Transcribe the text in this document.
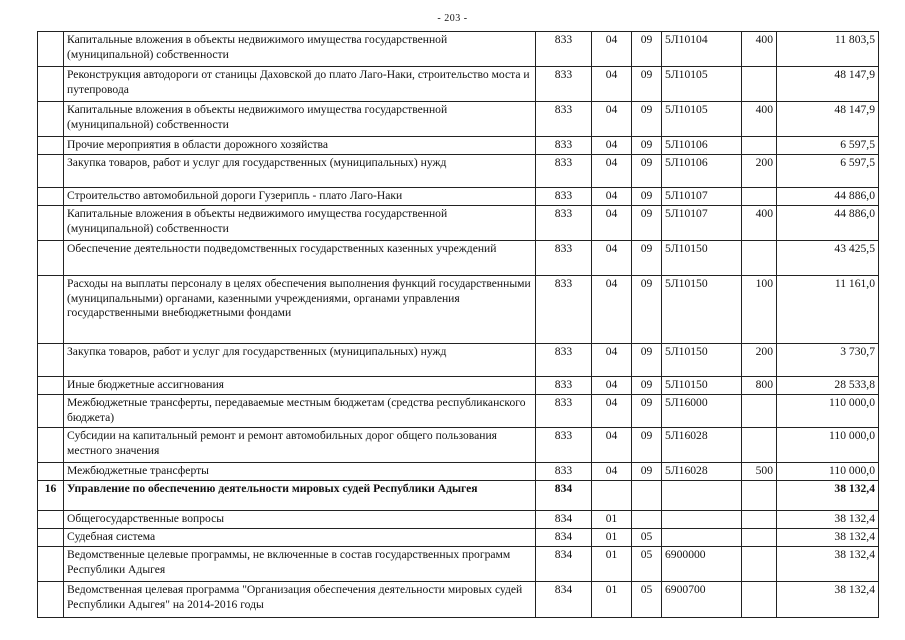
- 203 -
	Капитальные вложения в объекты недвижимого имущества государственной (муниципальной) собственности	833	04	09	5Л10104	400	11 803,5
	Реконструкция автодороги от станицы Даховской до плато Лаго-Наки, строительство моста и путепровода	833	04	09	5Л10105		48 147,9
	Капитальные вложения в объекты недвижимого имущества государственной (муниципальной) собственности	833	04	09	5Л10105	400	48 147,9
	Прочие мероприятия в области дорожного хозяйства	833	04	09	5Л10106		6 597,5
	Закупка товаров, работ и услуг для государственных (муниципальных) нужд	833	04	09	5Л10106	200	6 597,5
	Строительство автомобильной дороги Гузерипль - плато Лаго-Наки	833	04	09	5Л10107		44 886,0
	Капитальные вложения в объекты недвижимого имущества государственной (муниципальной) собственности	833	04	09	5Л10107	400	44 886,0
	Обеспечение деятельности подведомственных государственных казенных учреждений	833	04	09	5Л10150		43 425,5
	Расходы на выплаты персоналу в целях обеспечения выполнения функций государственными (муниципальными) органами, казенными учреждениями, органами управления государственными внебюджетными фондами	833	04	09	5Л10150	100	11 161,0
	Закупка товаров, работ и услуг для государственных (муниципальных) нужд	833	04	09	5Л10150	200	3 730,7
	Иные бюджетные ассигнования	833	04	09	5Л10150	800	28 533,8
	Межбюджетные трансферты, передаваемые местным бюджетам (средства республиканского бюджета)	833	04	09	5Л16000		110 000,0
	Субсидии на капитальный ремонт и ремонт автомобильных дорог общего пользования местного значения	833	04	09	5Л16028		110 000,0
	Межбюджетные трансферты	833	04	09	5Л16028	500	110 000,0
16	Управление по обеспечению деятельности мировых судей Республики Адыгея	834					38 132,4
	Общегосударственные вопросы	834	01				38 132,4
	Судебная система	834	01	05			38 132,4
	Ведомственные целевые программы, не включенные в состав государственных программ Республики Адыгея	834	01	05	6900000		38 132,4
	Ведомственная целевая программа "Организация обеспечения деятельности мировых судей Республики Адыгея" на 2014-2016 годы	834	01	05	6900700		38 132,4
